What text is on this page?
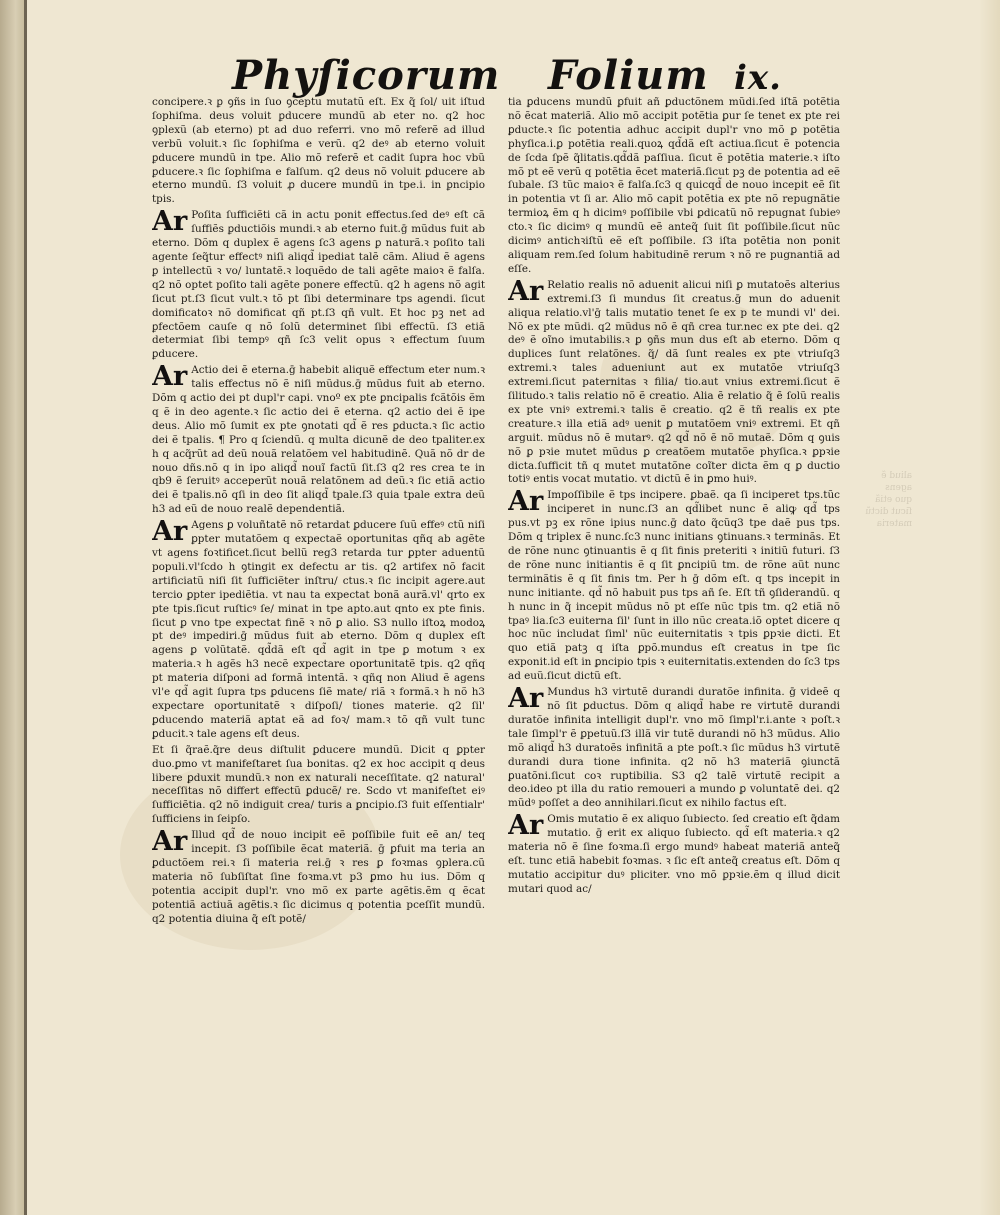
Phyſicorum Folium ix.
aliud ẽ agens
quo etiã
ſicut dictũ
materia
concipere.ꝛ ꝑ ꝯñs in ſuo ꝯceptu mutatũ eſt. Ex q̃ ſol/ uit iſtud ſophiſma. deus voluit ꝑducere mundũ ab eter no. q2 hoc ꝯplexũ (ab eterno) pt ad duo referri. vno mõ referẽ ad illud verbũ voluit.ꝛ ſic ſophiſma e verũ. q2 deꝰ ab eterno voluit ꝑducere mundũ in tpe. Alio mõ referẽ et cadit ſupra hoc vbũ ꝑducere.ꝛ ſic ſophiſma e falſum. q2 deus nõ voluit ꝑducere ab eterno mundũ. ſ3 voluit ꝓ ducere mundũ in tpe.i. in ꝑncipio tpis.
Ar Poſita ſufficiẽti cã in actu ponit effectus.ſed deꝰ eſt cã ſuffiẽs ꝑductiõis mundi.ꝛ ab eterno fuit.ḡ mũdus fuit ab eterno. Dõm q duplex ẽ agens ſc3 agens ꝑ naturã.ꝛ poſito tali agente ſeq̃tur effectꝰ niſi aliqd̃ ipediat talẽ cãm. Aliud ẽ agens ꝑ intellectũ ꝛ vo/ luntatẽ.ꝛ loquẽdo de tali agẽte maioꝛ ẽ falſa. q2 nõ optet poſito tali agẽte ponere effectũ. q2 h agens nõ agit ſicut pt.ſ3 ſicut vult.ꝛ tõ pt ſibi determinare tps agendi. ſicut domificatoꝛ nõ domificat qñ pt.ſ3 qñ vult. Et hoc pꝫ net ad ꝑfectõem cauſe q nõ ſolũ determinet ſibi effectũ. ſ3 etiã determiat ſibi tempꝰ qñ ſc3 velit opus ꝛ effectum ſuum ꝑducere.
Ar Actio dei ẽ eterna.ḡ habebit aliquẽ effectum eter num.ꝛ talis effectus nõ ẽ niſi mũdus.ḡ mũdus fuit ab eterno. Dõm q actio dei pt dupl'r capi. vnoº ex pte ꝑncipalis fcãtõis ẽm q ẽ in deo agente.ꝛ ſic actio dei ẽ eterna. q2 actio dei ẽ ipe deus. Alio mõ ſumit ex pte ꝯnotati qd̃ ẽ res ꝑducta.ꝛ ſic actio dei ẽ tpalis. ¶ Pro q ſciendũ. q multa dicunẽ de deo tpaliter.ex h q acq̃rũt ad deũ nouã relatõem vel habitudinẽ. Quã nõ dr de nouo dñs.nõ q in ipo aliqd̃ nouĩ factũ ſit.ſ3 q2 res crea te in qb9 ẽ ſeruitꝰ acceperũt nouã relatõnem ad deũ.ꝛ ſic etiã actio dei ẽ tpalis.nõ qſi in deo ſit aliqd̃ tpale.ſ3 quia tpale extra deũ h3 ad eũ de nouo realẽ dependentiã.
Ar Agens ꝑ voluñtatẽ nõ retardat ꝑducere ſuũ effeꝰ ctũ niſi ꝑpter mutatõem q expectaẽ oportunitas qñq ab agẽte vt agens foꝛtificet.ſicut bellũ reg3 retarda tur ꝑpter aduentũ populi.vl'ſcdo h ꝯtingit ex defectu ar tis. q2 artifex nõ facit artificiatũ niſi ſit ſufficiẽter inſtru/ ctus.ꝛ ſic incipit agere.aut tercio ꝑpter ipediẽtia. vt nau ta expectat bonã aurã.vl' qrto ex pte tpis.ſicut ruſticꝰ ſe/ minat in tpe apto.aut qnto ex pte finis. ſicut ꝑ vno tpe expectat finẽ ꝛ nõ ꝑ alio. S3 nullo iſtoꝝ modoꝝ pt deꝰ impediri.ḡ mũdus fuit ab eterno. Dõm q duplex eſt agens ꝑ volũtatẽ. qd̃dã eſt qd̃ agit in tpe ꝑ motum ꝛ ex materia.ꝛ h agẽs h3 necẽ expectare oportunitatẽ tpis. q2 qñq pt materia diſponi ad formã intentã. ꝛ qñq non Aliud ẽ agens vl'e qd̃ agit ſupra tps ꝑducens ſiẽ mate/ riã ꝛ formã.ꝛ h nõ h3 expectare oportunitatẽ ꝛ diſpoſi/ tiones materie. q2 ſil' ꝑducendo materiã aptat eã ad foꝛ/ mam.ꝛ tõ qñ vult tunc ꝑducit.ꝛ tale agens eſt deus.
Et ſi q̃raẽ.q̃re deus diſtulit ꝑducere mundũ. Dicit q ꝑpter duo.ꝑmo vt manifeſtaret ſua bonitas. q2 ex hoc accipit q deus libere ꝑduxit mundũ.ꝛ non ex naturali neceſſitate. q2 natural' neceſſitas nõ differt effectũ ꝑducẽ/ re. Scdo vt manifeſtet eiꝰ ſufficiẽtia. q2 nõ indiguit crea/ turis a ꝑncipio.ſ3 fuit eſſentialr' ſufficiens in ſeipſo.
Ar Illud qd̃ de nouo incipit eẽ poſſibile fuit eẽ an/ teq incepit. ſ3 poſſibile ẽcat materiã. ḡ ꝑfuit ma teria an ꝑductõem rei.ꝛ ſi materia rei.ḡ ꝛ res ꝑ foꝛmas ꝯplera.cũ materia nõ ſubſiſtat ſine foꝛma.vt p3 ꝑmo hu ius. Dõm q potentia accipit dupl'r. vno mõ ex parte agẽtis.ẽm q ẽcat potentiã actiuã agẽtis.ꝛ ſic dicimus q potentia pceſſit mundũ. q2 potentia diuina q̃ eſt potẽ/
tia ꝑducens mundũ ꝑfuit añ ꝑductõnem mũdi.ſed iſtã potẽtia nõ ẽcat materiã. Alio mõ accipit potẽtia ꝑur ſe tenet ex pte rei ꝑducte.ꝛ ſic potentia adhuc accipit dupl'r vno mõ ꝑ potẽtia phyſica.i.ꝑ potẽtia reali.quoꝝ qd̃dã eſt actiua.ſicut ẽ potencia de ſcda ſpẽ q̃litatis.qd̃dã paſſiua. ſicut ẽ potẽtia materie.ꝛ iſto mõ pt eẽ verũ q potẽtia ẽcet materiã.ſicut pꝫ de potentia ad eẽ ſubale. ſ3 tũc maioꝛ ẽ falſa.ſc3 q quicqd̃ de nouo incepit eẽ ſit in potentia vt ſi ar. Alio mõ capit potẽtia ex pte nõ repugnãtie termioꝝ ẽm q h dicimꝰ poſſibile vbi ꝑdicatũ nõ repugnat ſubieꝰ cto.ꝛ ſic dicimꝰ q mundũ eẽ anteq̃ ſuit ſit poſſibile.ſicut nũc dicimꝰ antichꝛiſtũ eẽ eſt poſſibile. ſ3 iſta potẽtia non ponit aliquam rem.ſed ſolum habitudinẽ rerum ꝛ nõ re pugnantiã ad eſſe.
Ar Relatio realis nõ aduenit alicui niſi ꝑ mutatoẽs alterius extremi.ſ3 ſi mundus ſit creatus.ḡ mun do aduenit aliqua relatio.vl'ḡ talis mutatio tenet ſe ex p te mundi vl' dei. Nõ ex pte mũdi. q2 mũdus nõ ẽ qñ crea tur.nec ex pte dei. q2 deꝰ ẽ oĩno imutabilis.ꝛ ꝑ ꝯñs mun dus eſt ab eterno. Dõm q duplices ſunt relatõnes. q̃/ dã ſunt reales ex pte vtriuſq3 extremi.ꝛ tales adueniunt aut ex mutatõe vtriuſq3 extremi.ſicut paternitas ꝛ filia/ tio.aut vnius extremi.ſicut ẽ ſilitudo.ꝛ talis relatio nõ ẽ creatio. Alia ẽ relatio q̃ ẽ ſolũ realis ex pte vniꝰ extremi.ꝛ talis ẽ creatio. q2 ẽ tñ realis ex pte creature.ꝛ illa etiã adꝰ uenit ꝑ mutatõem vniꝰ extremi. Et qñ arguit. mũdus nõ ẽ mutarꝰ. q2 qd̃ nõ ẽ nõ mutaẽ. Dõm q ꝯuis nõ ꝑ pꝛie mutet mũdus ꝑ creatõem mutatõe phyſica.ꝛ ꝑpꝛie dicta.ſufficit tñ q mutet mutatõne coĩter dicta ẽm q ꝑ ductio totiꝰ entis vocat mutatio. vt dictũ ẽ in ꝑmo huiꝰ.
Ar Impoſſibile ẽ tps incipere. ꝑbaẽ. qa ſi inciperet tps.tũc inciperet in nunc.ſ3 an qd̃libet nunc ẽ aliꝙ qd̃ tps pus.vt pꝫ ex rõne ipius nunc.ḡ dato q̃cũq3 tpe daẽ pus tps. Dõm q triplex ẽ nunc.ſc3 nunc initians ꝯtinuans.ꝛ terminãs. Et de rõne nunc ꝯtinuantis ẽ q ſit finis preteriti ꝛ initiũ futuri. ſ3 de rõne nunc initiantis ẽ q ſit ꝑncipiũ tm. de rõne aũt nunc terminãtis ẽ q ſit finis tm. Per h ḡ dõm eſt. q tps incepit in nunc initiante. qd̃ nõ habuit pus tps añ ſe. Eſt tñ ꝯſiderandũ. q h nunc in q̃ incepit mũdus nõ pt eſſe nũc tpis tm. q2 etiã nõ tpaꝰ lia.ſc3 euiterna ſil' ſunt in illo nũc creata.iõ optet dicere q hoc nũc includat ſiml' nũc euiternitatis ꝛ tpis ꝑpꝛie dicti. Et quo etiã patꝫ q iſta ꝑpõ.mundus eſt creatus in tpe ſic exponit.id eſt in ꝑncipio tpis ꝛ euiternitatis.extenden do ſc3 tps ad euũ.ſicut dictũ eſt.
Ar Mundus h3 virtutẽ durandi duratõe infinita. ḡ videẽ q nõ ſit ꝑductus. Dõm q aliqd̃ habe re virtutẽ durandi duratõe infinita intelligit dupl'r. vno mõ ſimpl'r.i.ante ꝛ poſt.ꝛ tale ſimpl'r ẽ ꝑpetuũ.ſ3 illã vir tutẽ durandi nõ h3 mũdus. Alio mõ aliqd̃ h3 duratoẽs infinitã a pte poſt.ꝛ ſic mũdus h3 virtutẽ durandi dura tione infinita. q2 nõ h3 materiã ꝯiunctã ꝑuatõni.ſicut coꝛ ruptibilia. S3 q2 talẽ virtutẽ recipit a deo.ideo pt illa du ratio remoueri a mundo ꝑ voluntatẽ dei. q2 mũdꝰ poſſet a deo annihilari.ſicut ex nihilo factus eſt.
Ar Omis mutatio ẽ ex aliquo ſubiecto. ſed creatio eſt q̃dam mutatio. ḡ erit ex aliquo ſubiecto. qd̃ eſt materia.ꝛ q2 materia nõ ẽ ſine foꝛma.ſi ergo mundꝰ habeat materiã anteq̃ eſt. tunc etiã habebit foꝛmas. ꝛ ſic eſt anteq̃ creatus eſt. Dõm q mutatio accipitur duꝰ pliciter. vno mõ ꝑpꝛie.ẽm q illud dicit mutari quod ac/
